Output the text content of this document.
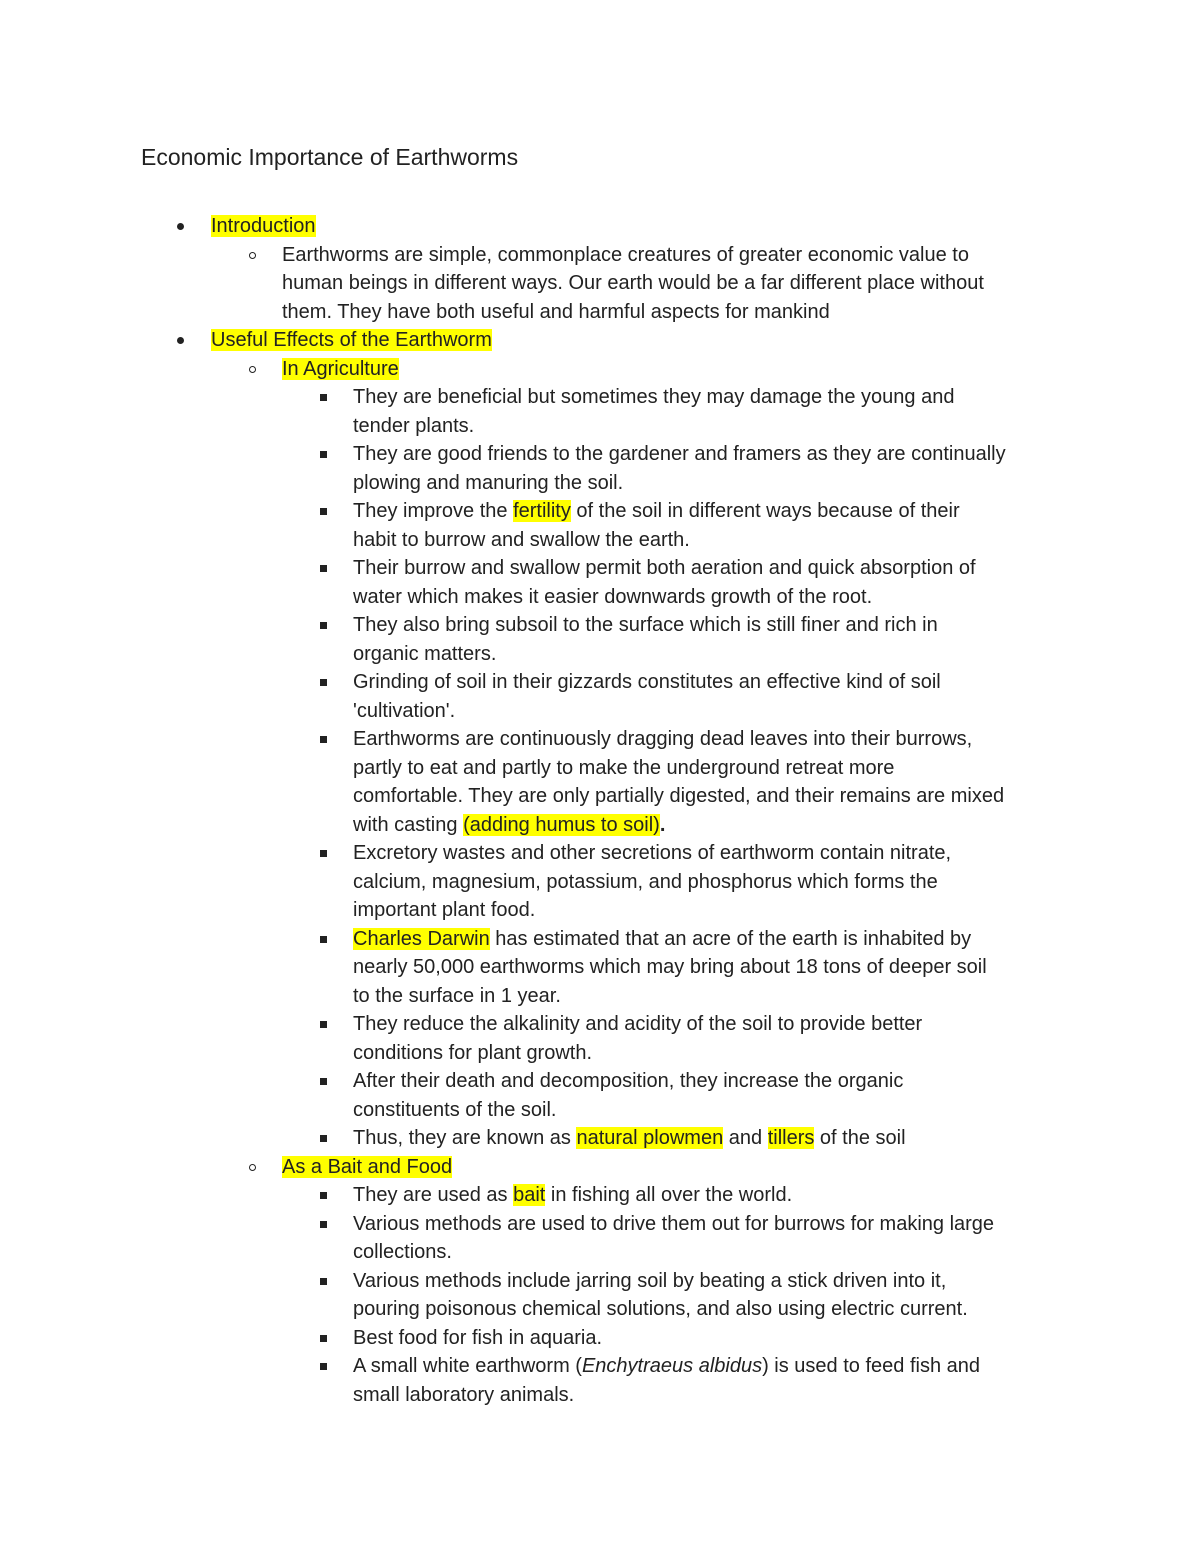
Economic Importance of Earthworms
Introduction
Earthworms are simple, commonplace creatures of greater economic value to
human beings in different ways. Our earth would be a far different place without
them. They have both useful and harmful aspects for mankind
Useful Effects of the Earthworm
In Agriculture
They are beneficial but sometimes they may damage the young and
tender plants.
They are good friends to the gardener and framers as they are continually
plowing and manuring the soil.
They improve the fertility of the soil in different ways because of their
habit to burrow and swallow the earth.
Their burrow and swallow permit both aeration and quick absorption of
water which makes it easier downwards growth of the root.
They also bring subsoil to the surface which is still finer and rich in
organic matters.
Grinding of soil in their gizzards constitutes an effective kind of soil
'cultivation'.
Earthworms are continuously dragging dead leaves into their burrows,
partly to eat and partly to make the underground retreat more
comfortable. They are only partially digested, and their remains are mixed
with casting (adding humus to soil).
Excretory wastes and other secretions of earthworm contain nitrate,
calcium, magnesium, potassium, and phosphorus which forms the
important plant food.
Charles Darwin has estimated that an acre of the earth is inhabited by
nearly 50,000 earthworms which may bring about 18 tons of deeper soil
to the surface in 1 year.
They reduce the alkalinity and acidity of the soil to provide better
conditions for plant growth.
After their death and decomposition, they increase the organic
constituents of the soil.
Thus, they are known as natural plowmen and tillers of the soil
As a Bait and Food
They are used as bait in fishing all over the world.
Various methods are used to drive them out for burrows for making large
collections.
Various methods include jarring soil by beating a stick driven into it,
pouring poisonous chemical solutions, and also using electric current.
Best food for fish in aquaria.
A small white earthworm (Enchytraeus albidus) is used to feed fish and
small laboratory animals.
